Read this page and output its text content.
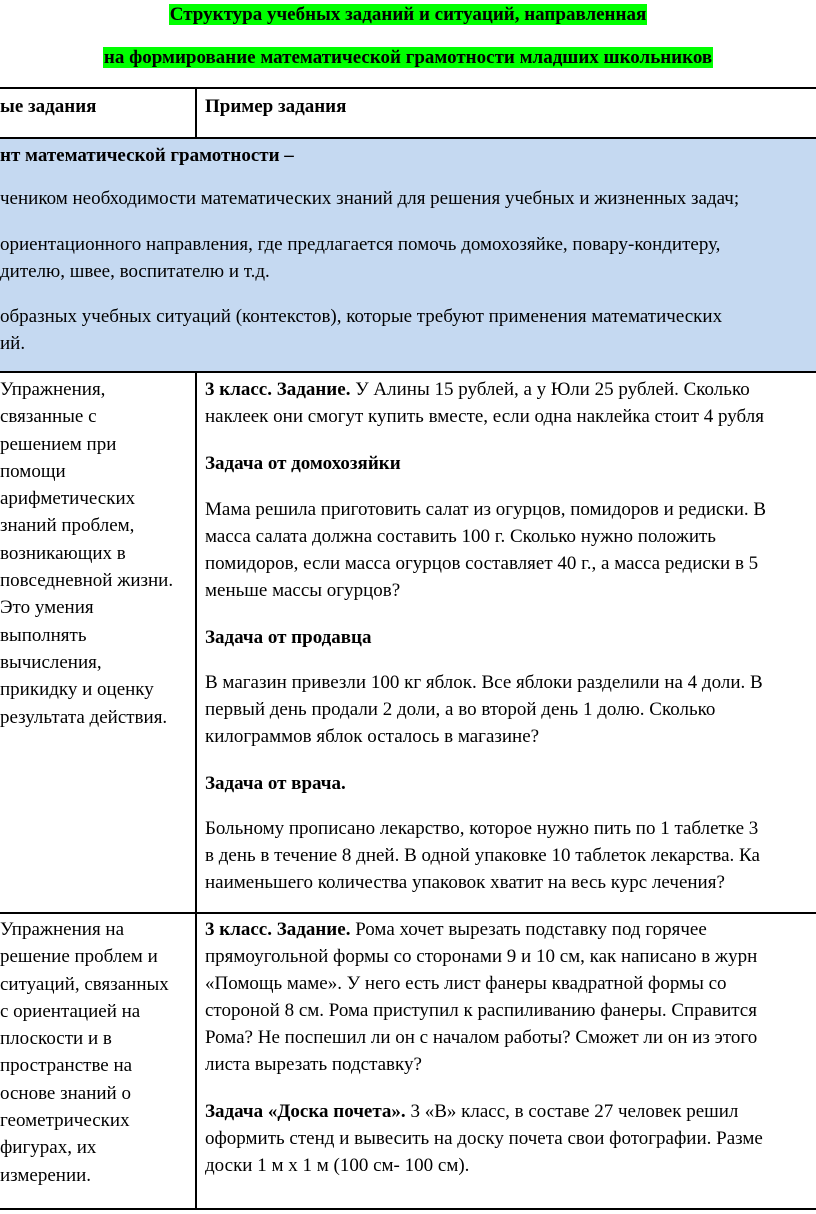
Структура учебных заданий и ситуаций, направленная
на формирование математической грамотности младших школьников
ые задания	Пример задания
нт математической грамотности –
чеником необходимости математических знаний для решения учебных и жизненных задач;
ориентационного направления, где предлагается помочь домохозяйке, повару-кондитеру,
дителю, швее, воспитателю и т.д.
образных учебных ситуаций (контекстов), которые требуют применения математических
ий.
Упражнения,
связанные с
решением при
помощи
арифметических
знаний проблем,
возникающих в
повседневной жизни.
Это умения
выполнять
вычисления,
прикидку и оценку
результата действия.
3 класс. Задание. У Алины 15 рублей, а у Юли 25 рублей. Сколько
наклеек они смогут купить вместе, если одна наклейка стоит 4 рубля
Задача от домохозяйки
Мама решила приготовить салат из огурцов, помидоров и редиски. В
масса салата должна составить 100 г. Сколько нужно положить
помидоров, если масса огурцов составляет 40 г., а масса редиски в 5
меньше массы огурцов?
Задача от продавца
В магазин привезли 100 кг яблок. Все яблоки разделили на 4 доли. В
первый день продали 2 доли, а во второй день 1 долю. Сколько
килограммов яблок осталось в магазине?
Задача от врача.
Больному прописано лекарство, которое нужно пить по 1 таблетке 3
в день в течение 8 дней. В одной упаковке 10 таблеток лекарства. Ка
наименьшего количества упаковок хватит на весь курс лечения?
Упражнения на
решение проблем и
ситуаций, связанных
с ориентацией на
плоскости и в
пространстве на
основе знаний о
геометрических
фигурах, их
измерении.
3 класс. Задание. Рома хочет вырезать подставку под горячее
прямоугольной формы со сторонами 9 и 10 см, как написано в журн
«Помощь маме». У него есть лист фанеры квадратной формы со
стороной 8 см. Рома приступил к распиливанию фанеры. Справится
Рома? Не поспешил ли он с началом работы? Сможет ли он из этого
листа вырезать подставку?
Задача «Доска почета». 3 «В» класс, в составе 27 человек решил
оформить стенд и вывесить на доску почета свои фотографии. Разме
доски 1 м х 1 м (100 см- 100 см).
